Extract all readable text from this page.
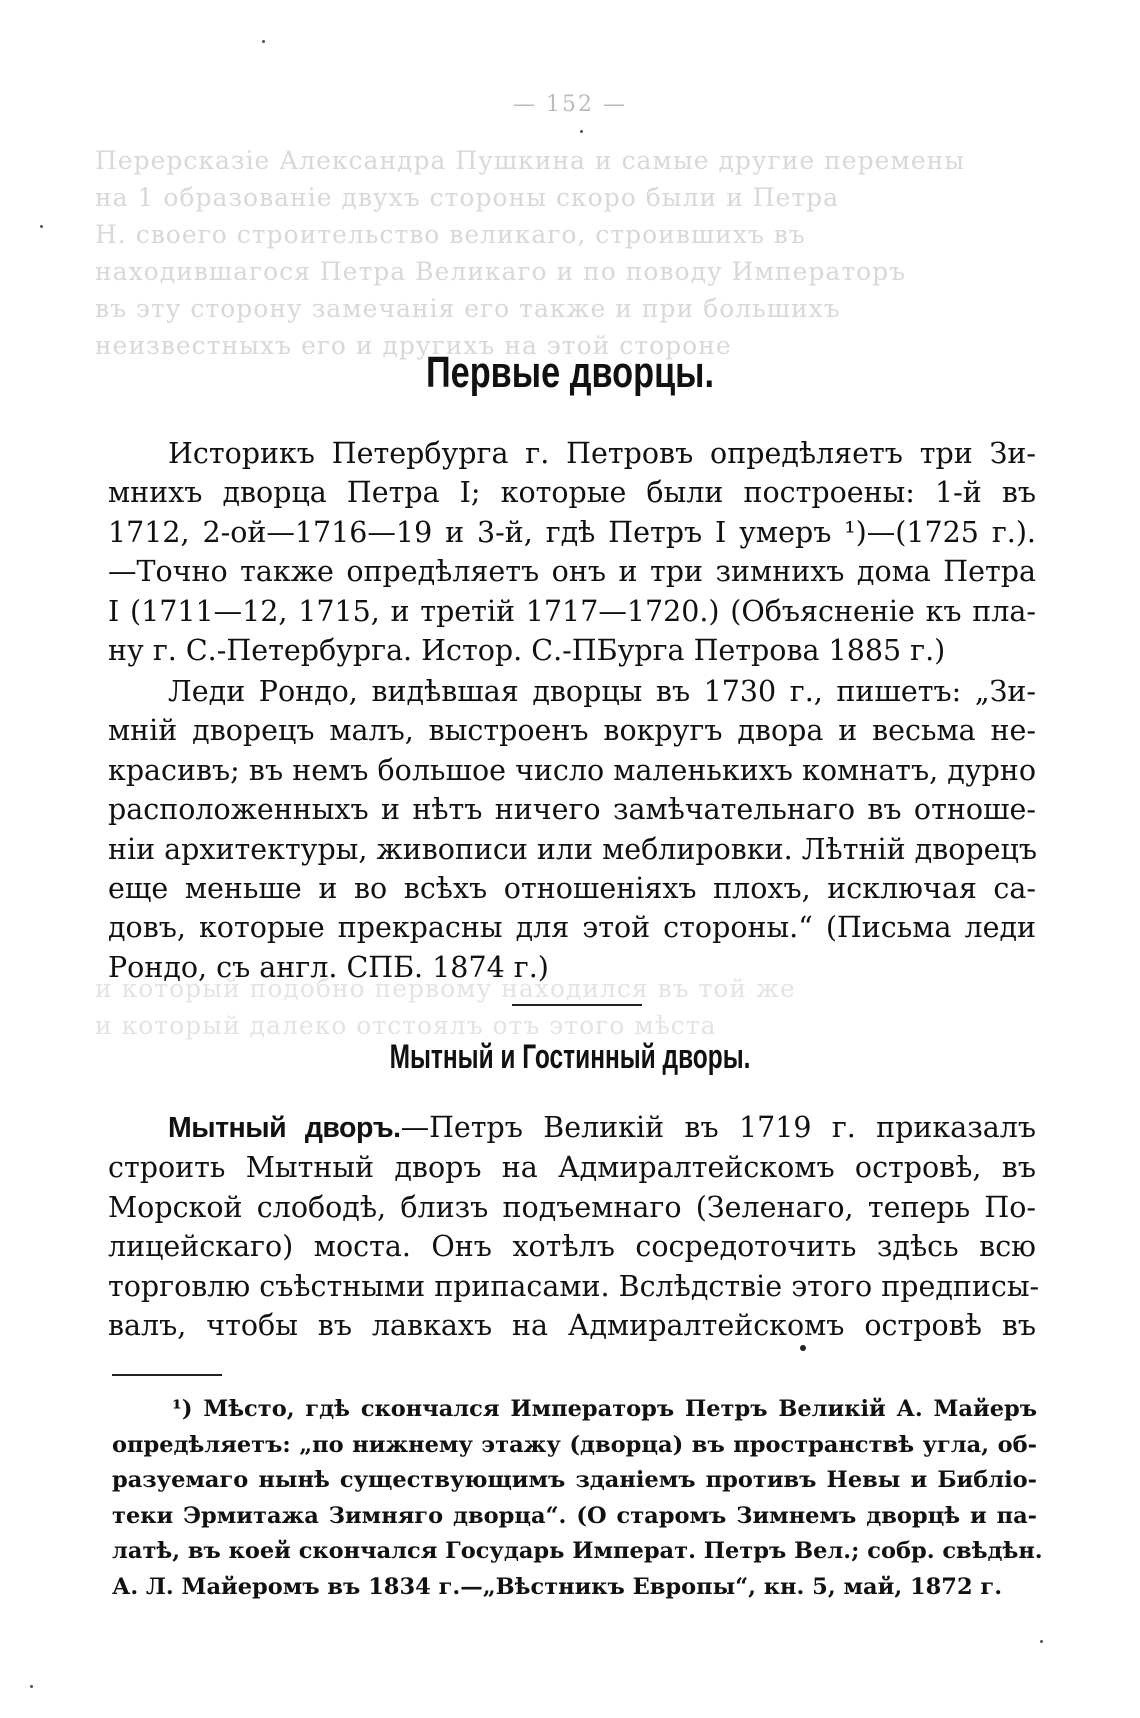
— 152 —
Перерсказіе Александра Пушкина и самые другие перемены
на 1 образованіе двухъ стороны скоро были и Петра
Н. своего строительство великаго, строившихъ въ
находившагося Петра Великаго и по поводу Императоръ
въ эту сторону замечанія его также и при большихъ
неизвестныхъ его и другихъ на этой стороне
Первые дворцы.
Историкъ Петербурга г. Петровъ опредѣляетъ три Зи-
мнихъ дворца Петра I; которые были построены: 1-й въ
1712, 2-ой—1716—19 и 3-й, гдѣ Петръ I умеръ ¹)—(1725 г.).
—Точно также опредѣляетъ онъ и три зимнихъ дома Петра
I (1711—12, 1715, и третій 1717—1720.) (Объясненіе къ пла-
ну г. С.-Петербурга. Истор. С.-ПБурга Петрова 1885 г.)
Леди Рондо, видѣвшая дворцы въ 1730 г., пишетъ: „Зи-
мній дворецъ малъ, выстроенъ вокругъ двора и весьма не-
красивъ; въ немъ большое число маленькихъ комнатъ, дурно
расположенныхъ и нѣтъ ничего замѣчательнаго въ отноше-
ніи архитектуры, живописи или меблировки. Лѣтній дворецъ
еще меньше и во всѣхъ отношеніяхъ плохъ, исключая са-
довъ, которые прекрасны для этой стороны.“ (Письма леди
Рондо, съ англ. СПБ. 1874 г.)
и который подобно первому находился въ той же
и который далеко отстоялъ отъ этого мѣста
Мытный и Гостинный дворы.
Мытный дворъ.—Петръ Великій въ 1719 г. приказалъ
строить Мытный дворъ на Адмиралтейскомъ островѣ, въ
Морской слободѣ, близъ подъемнаго (Зеленаго, теперь По-
лицейскаго) моста. Онъ хотѣлъ сосредоточить здѣсь всю
торговлю съѣстными припасами. Вслѣдствіе этого предписы-
валъ, чтобы въ лавкахъ на Адмиралтейскомъ островѣ въ
¹) Мѣсто, гдѣ скончался Императоръ Петръ Великій А. Майеръ
опредѣляетъ: „по нижнему этажу (дворца) въ пространствѣ угла, об-
разуемаго нынѣ существующимъ зданіемъ противъ Невы и Библіо-
теки Эрмитажа Зимняго дворца“. (О старомъ Зимнемъ дворцѣ и па-
латѣ, въ коей скончался Государь Императ. Петръ Вел.; собр. свѣдѣн.
А. Л. Майеромъ въ 1834 г.—„Вѣстникъ Европы“, кн. 5, май, 1872 г.
